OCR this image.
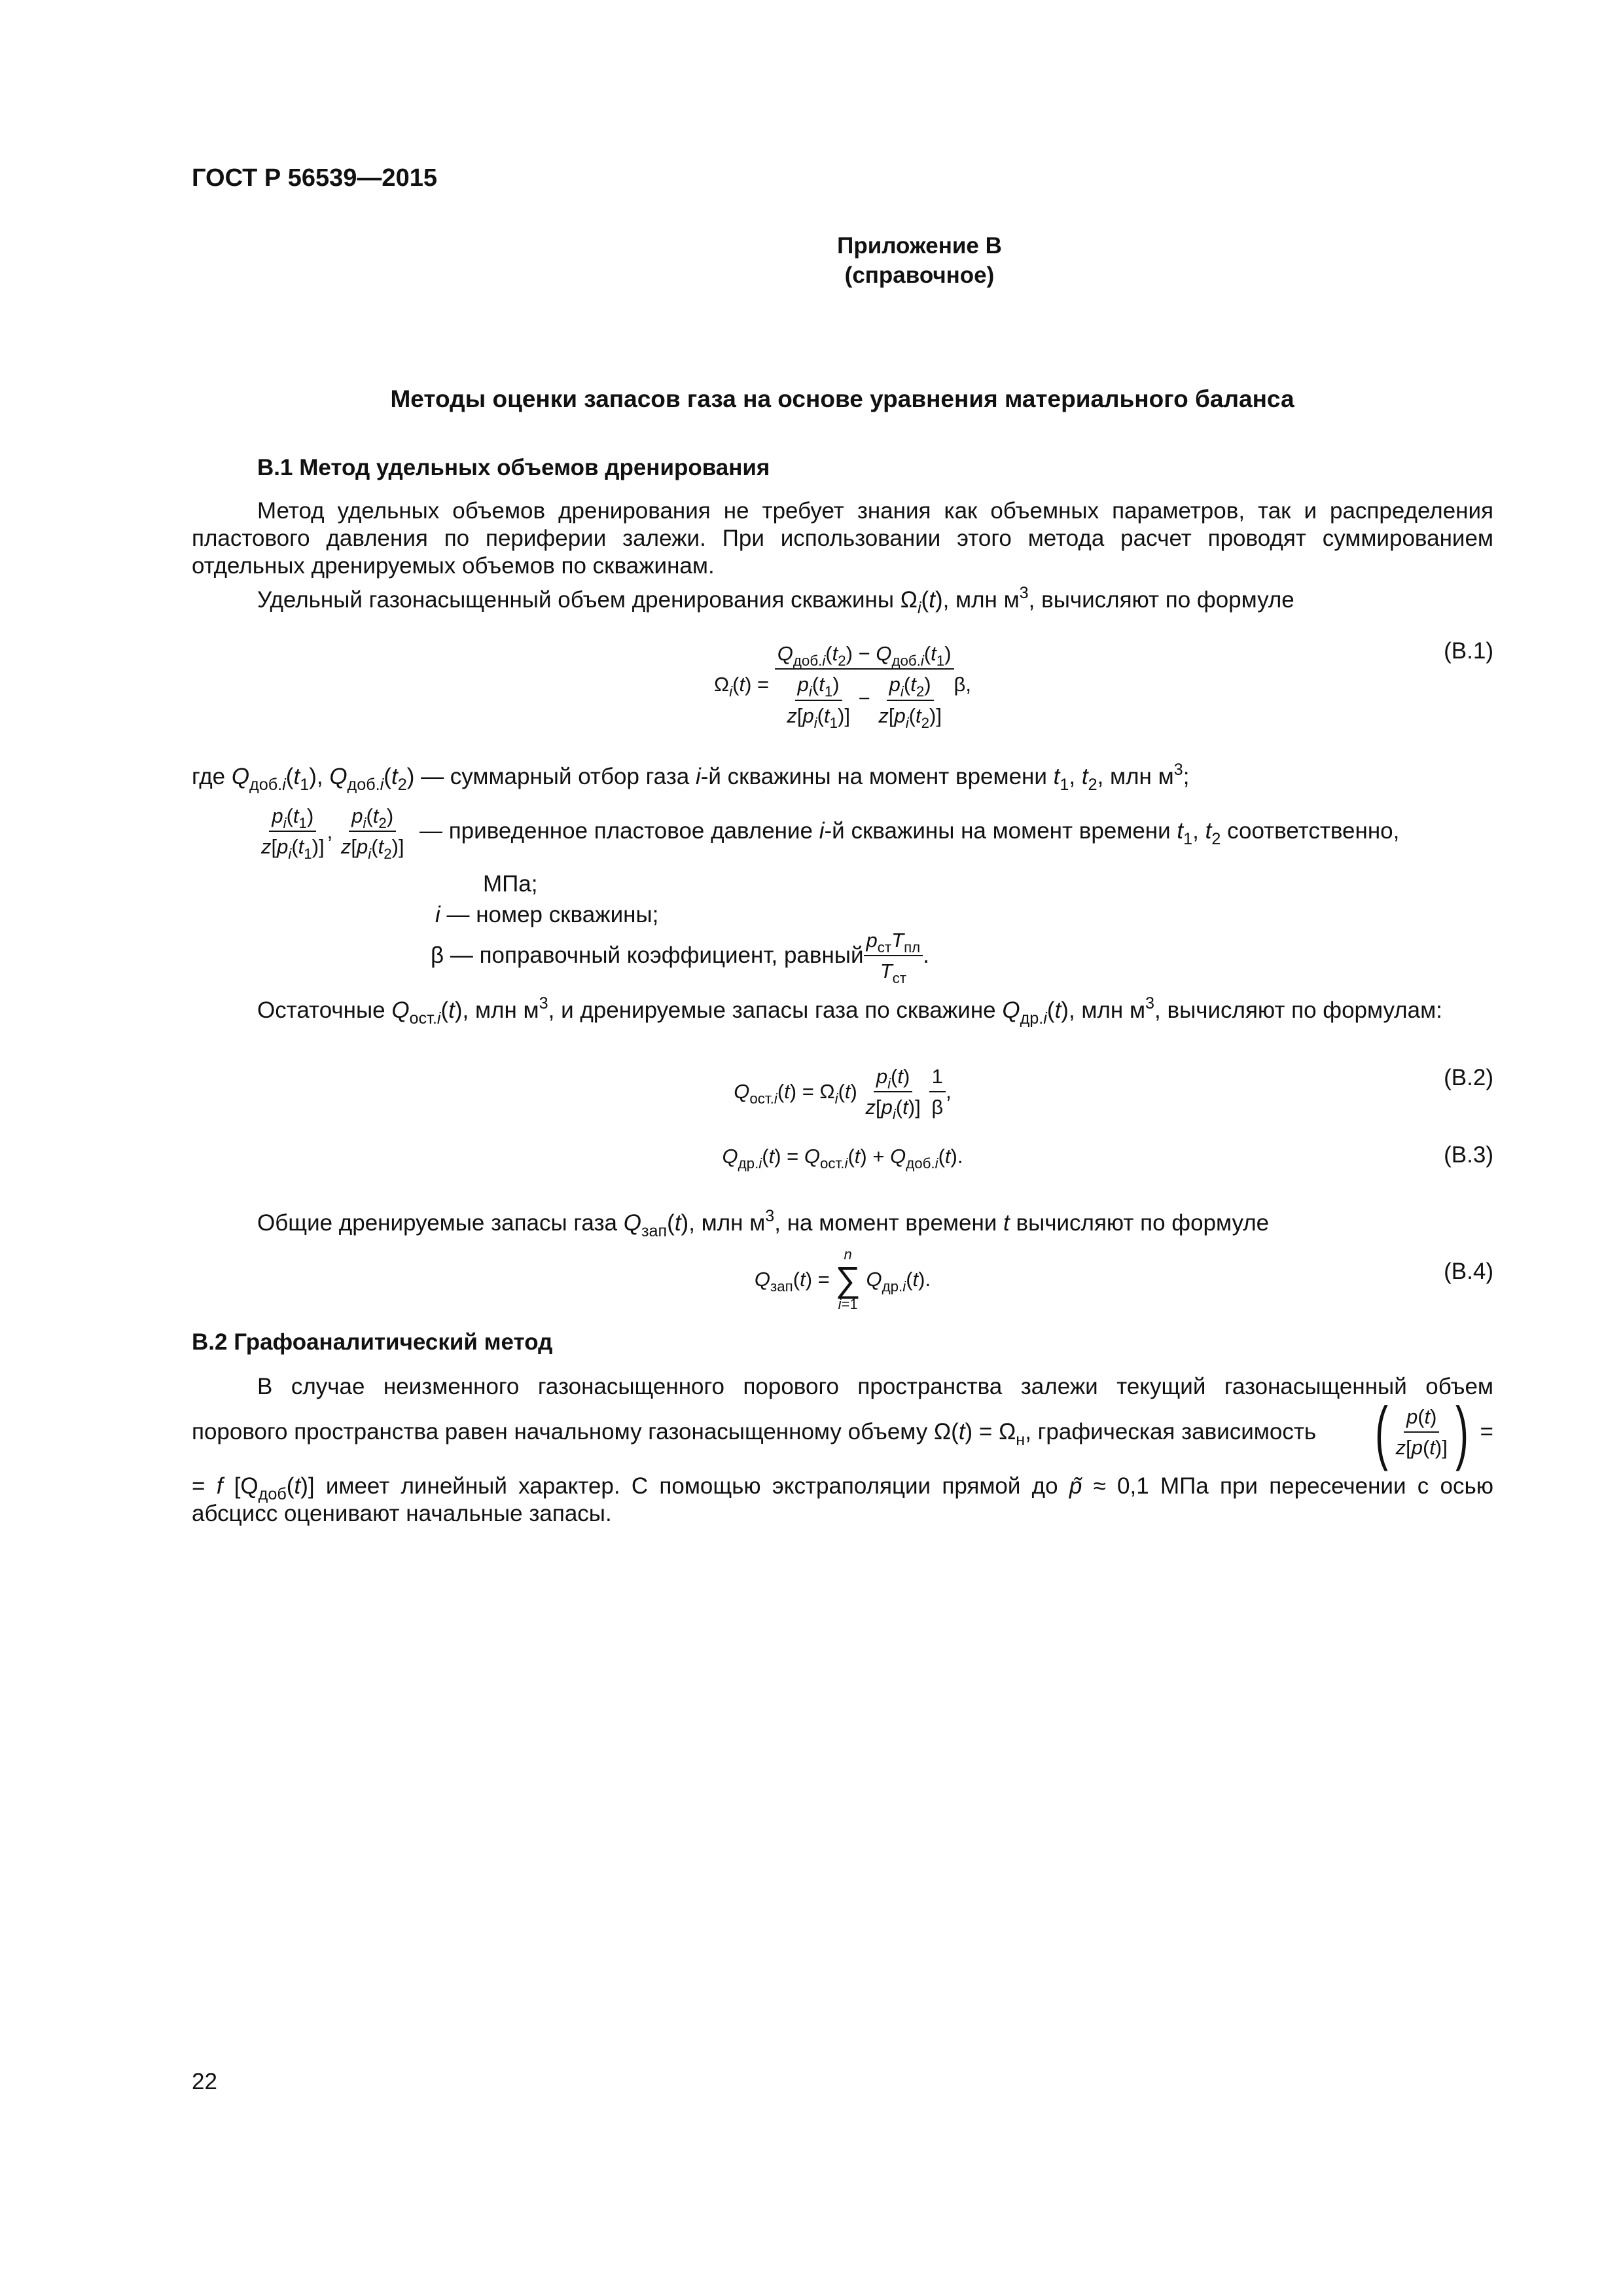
ГОСТ Р 56539—2015
Приложение В
(справочное)
Методы оценки запасов газа на основе уравнения материального баланса
В.1 Метод удельных объемов дренирования
Метод удельных объемов дренирования не требует знания как объемных параметров, так и распределения пластового давления по периферии залежи. При использовании этого метода расчет проводят суммированием отдельных дренируемых объемов по скважинам.
Удельный газонасыщенный объем дренирования скважины $\Omega_i(t)$, млн $м^3$, вычисляют по формуле
$\Omega_i(t) = \frac{Q_{доб.i}(t_2) - Q_{доб.i}(t_1)}{\frac{p_i(t_1)}{z[p_i(t_1)]} - \frac{p_i(t_2)}{z[p_i(t_2)]}} \beta$,
(В.1)
где $Q_{доб.i}(t_1)$, $Q_{доб.i}(t_2)$ — суммарный отбор газа i-й скважины на момент времени $t_1$, $t_2$, млн $м^3$;
$\frac{p_i(t_1)}{z[p_i(t_1)]}$ , $\frac{p_i(t_2)}{z[p_i(t_2)]}$ — приведенное пластовое давление i-й скважины на момент времени $t_1$, $t_2$ соответственно,
МПа;
i — номер скважины;
β — поправочный коэффициент, равный $\frac{p_{ст}T_{пл}}{T_{ст}}$ .
Остаточные $Q_{ост.i}(t)$, млн $м^3$, и дренируемые запасы газа по скважине $Q_{др.i}(t)$, млн $м^3$, вычисляют по формулам:
$Q_{ост.i}(t) = \Omega_i(t) \frac{p_i(t)}{z[p_i(t)]}$
$\frac{1}{\beta}$ ,
(В.2)
$Q_{др.i}(t) = Q_{ост.i}(t) + Q_{доб.i}(t)$.	(В.3)
Общие дренируемые запасы газа $Q_{зап}(t)$, млн $м^3$, на момент времени t вычисляют по формуле
$Q_{зап}(t)$ =
n
∑
i=1
$Q_{др.i}(t)$.	(В.4)
В.2 Графоаналитический метод
В случае неизменного газонасыщенного порового пространства залежи текущий газонасыщенный объем
порового пространства равен начальному газонасыщенному объему $\Omega(t) = \Omega_н$, графическая зависимость ( $\frac{p(t)}{z[p(t)]}$ ) =
= f $[Q_{доб}(t)]$ имеет линейный характер. С помощью экстраполяции прямой до p̃ ≈ 0,1 МПа при пересечении с осью
абсцисс оценивают начальные запасы.
22
